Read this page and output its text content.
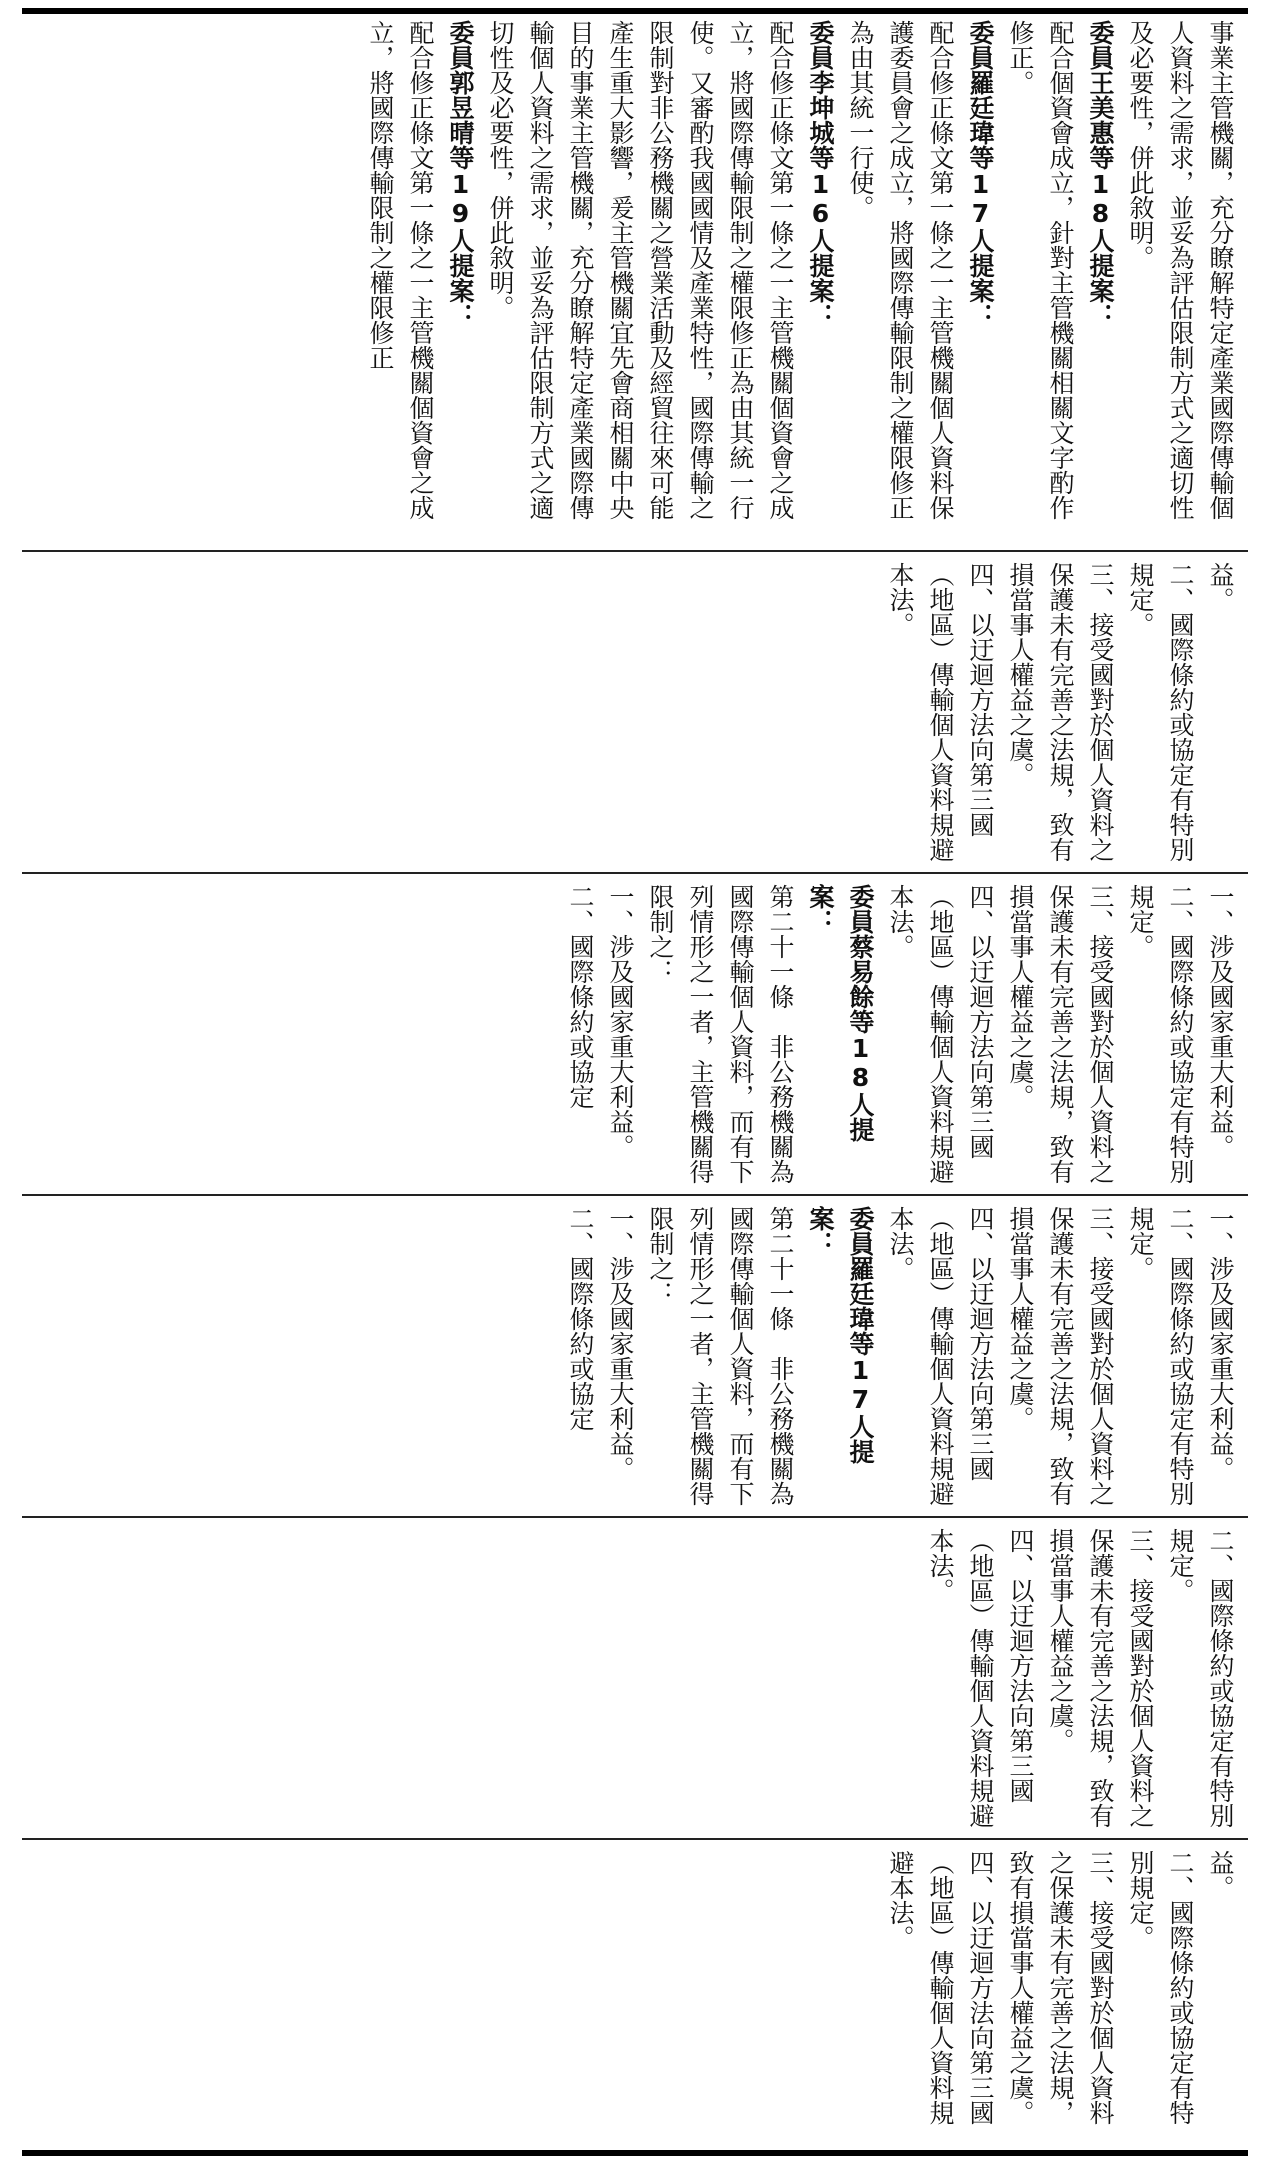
事業主管機關，充分瞭解特定產業國際傳輸個人資料之需求，並妥為評估限制方式之適切性及必要性，併此敘明。

委員王美惠等18人提案：

配合個資會成立，針對主管機關相關文字酌作修正。

委員羅廷瑋等17人提案：

配合修正條文第一條之一主管機關個人資料保護委員會之成立，將國際傳輸限制之權限修正為由其統一行使。

委員李坤城等16人提案：

配合修正條文第一條之一主管機關個資會之成立，將國際傳輸限制之權限修正為由其統一行使。又審酌我國國情及產業特性，國際傳輸之限制對非公務機關之營業活動及經貿往來可能產生重大影響，爰主管機關宜先會商相關中央目的事業主管機關，充分瞭解特定產業國際傳輸個人資料之需求，並妥為評估限制方式之適切性及必要性，併此敘明。

委員郭昱晴等19人提案：

配合修正條文第一條之一主管機關個資會之成立，將國際傳輸限制之權限修正

益。

二、國際條約或協定有特別規定。

三、接受國對於個人資料之保護未有完善之法規，致有損當事人權益之虞。

四、以迂迴方法向第三國（地區）傳輸個人資料規避本法。

一、涉及國家重大利益。

二、國際條約或協定有特別規定。

三、接受國對於個人資料之保護未有完善之法規，致有損當事人權益之虞。

四、以迂迴方法向第三國（地區）傳輸個人資料規避本法。

委員蔡易餘等18人提案：

第二十一條　非公務機關為國際傳輸個人資料，而有下列情形之一者，主管機關得限制之：

一、涉及國家重大利益。

二、國際條約或協定

一、涉及國家重大利益。

二、國際條約或協定有特別規定。

三、接受國對於個人資料之保護未有完善之法規，致有損當事人權益之虞。

四、以迂迴方法向第三國（地區）傳輸個人資料規避本法。

委員羅廷瑋等17人提案：

第二十一條　非公務機關為國際傳輸個人資料，而有下列情形之一者，主管機關得限制之：

一、涉及國家重大利益。

二、國際條約或協定

二、國際條約或協定有特別規定。

三、接受國對於個人資料之保護未有完善之法規，致有損當事人權益之虞。

四、以迂迴方法向第三國（地區）傳輸個人資料規避本法。

益。

二、國際條約或協定有特別規定。

三、接受國對於個人資料之保護未有完善之法規，致有損當事人權益之虞。

四、以迂迴方法向第三國（地區）傳輸個人資料規避本法。
